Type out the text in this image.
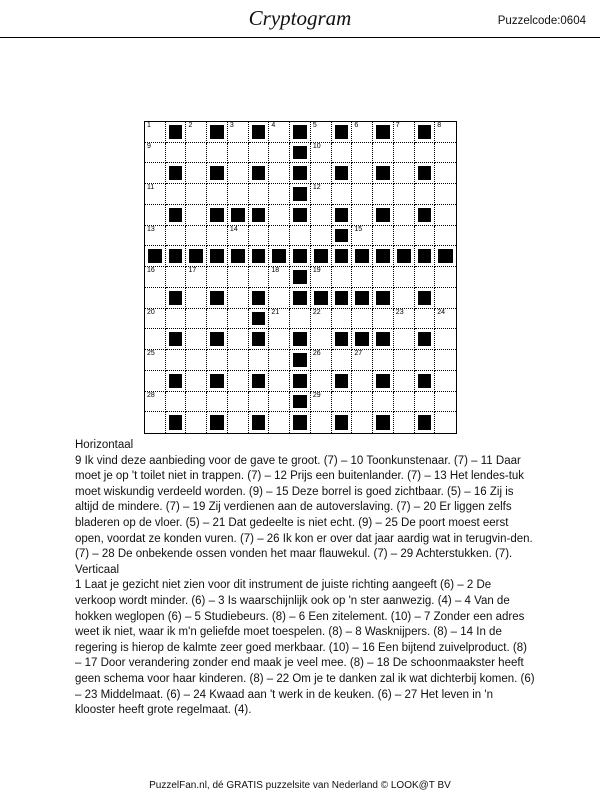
Cryptogram	Puzzelcode:0604
1	2	3	4	5	6	7	8
9	10
11	12
13	14	15
16	17	18	19
20	21	22	23	24
25	26	27
28	29
Horizontaal
9 Ik vind deze aanbieding voor de gave te groot. (7) – 10 Toonkunstenaar. (7) – 11 Daar moet je op 't toilet niet in trappen. (7) – 12 Prijs een buitenlander. (7) – 13 Het lendes-tuk moet wiskundig verdeeld worden. (9) – 15 Deze borrel is goed zichtbaar. (5) – 16 Zij is altijd de mindere. (7) – 19 Zij verdienen aan de autoverslaving. (7) – 20 Er liggen zelfs bladeren op de vloer. (5) – 21 Dat gedeelte is niet echt. (9) – 25 De poort moest eerst open, voordat ze konden vuren. (7) – 26 Ik kon er over dat jaar aardig wat in terugvin-den. (7) – 28 De onbekende ossen vonden het maar flauwekul. (7) – 29 Achterstukken. (7).
Verticaal
1 Laat je gezicht niet zien voor dit instrument de juiste richting aangeeft (6) – 2 De verkoop wordt minder. (6) – 3 Is waarschijnlijk ook op 'n ster aanwezig. (4) – 4 Van de hokken weglopen (6) – 5 Studiebeurs. (8) – 6 Een zitelement. (10) – 7 Zonder een adres weet ik niet, waar ik m'n geliefde moet toespelen. (8) – 8 Wasknijpers. (8) – 14 In de regering is hierop de kalmte zeer goed merkbaar. (10) – 16 Een bijtend zuivelproduct. (8) – 17 Door verandering zonder end maak je veel mee. (8) – 18 De schoonmaakster heeft geen schema voor haar kinderen. (8) – 22 Om je te danken zal ik wat dichterbij komen. (6) – 23 Middelmaat. (6) – 24 Kwaad aan 't werk in de keuken. (6) – 27 Het leven in 'n klooster heeft grote regelmaat. (4).
PuzzelFan.nl, dé GRATIS puzzelsite van Nederland © LOOK@T BV
